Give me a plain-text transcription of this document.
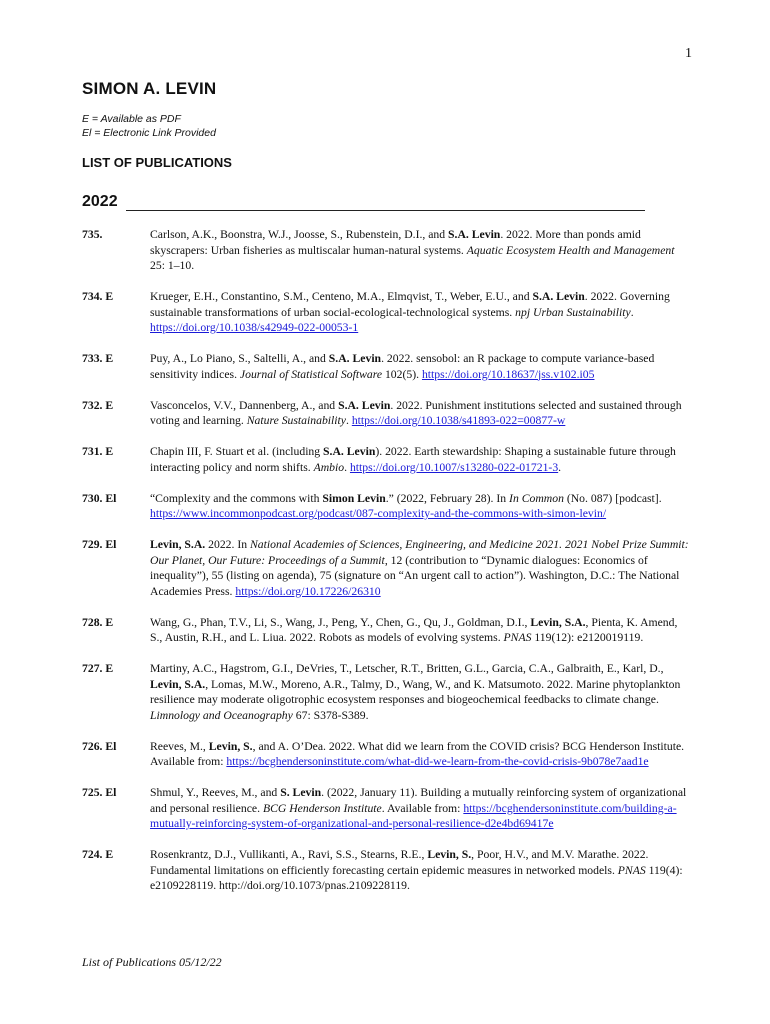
1
SIMON A. LEVIN
E = Available as PDF
El = Electronic Link Provided
LIST OF PUBLICATIONS
2022
735.	Carlson, A.K., Boonstra, W.J., Joosse, S., Rubenstein, D.I., and S.A. Levin. 2022. More than ponds amid skyscrapers: Urban fisheries as multiscalar human-natural systems. Aquatic Ecosystem Health and Management 25: 1–10.
734. E	Krueger, E.H., Constantino, S.M., Centeno, M.A., Elmqvist, T., Weber, E.U., and S.A. Levin. 2022. Governing sustainable transformations of urban social-ecological-technological systems. npj Urban Sustainability. https://doi.org/10.1038/s42949-022-00053-1
733. E	Puy, A., Lo Piano, S., Saltelli, A., and S.A. Levin. 2022. sensobol: an R package to compute variance-based sensitivity indices. Journal of Statistical Software 102(5). https://doi.org/10.18637/jss.v102.i05
732. E	Vasconcelos, V.V., Dannenberg, A., and S.A. Levin. 2022. Punishment institutions selected and sustained through voting and learning. Nature Sustainability. https://doi.org/10.1038/s41893-022=00877-w
731. E	Chapin III, F. Stuart et al. (including S.A. Levin). 2022. Earth stewardship: Shaping a sustainable future through interacting policy and norm shifts. Ambio. https://doi.org/10.1007/s13280-022-01721-3.
730. El	“Complexity and the commons with Simon Levin.” (2022, February 28). In In Common (No. 087) [podcast]. https://www.incommonpodcast.org/podcast/087-complexity-and-the-commons-with-simon-levin/
729. El	Levin, S.A. 2022. In National Academies of Sciences, Engineering, and Medicine 2021. 2021 Nobel Prize Summit: Our Planet, Our Future: Proceedings of a Summit, 12 (contribution to “Dynamic dialogues: Economics of inequality”), 55 (listing on agenda), 75 (signature on “An urgent call to action”). Washington, D.C.: The National Academies Press. https://doi.org/10.17226/26310
728. E	Wang, G., Phan, T.V., Li, S., Wang, J., Peng, Y., Chen, G., Qu, J., Goldman, D.I., Levin, S.A., Pienta, K. Amend, S., Austin, R.H., and L. Liua. 2022. Robots as models of evolving systems. PNAS 119(12): e2120019119.
727. E	Martiny, A.C., Hagstrom, G.I., DeVries, T., Letscher, R.T., Britten, G.L., Garcia, C.A., Galbraith, E., Karl, D., Levin, S.A., Lomas, M.W., Moreno, A.R., Talmy, D., Wang, W., and K. Matsumoto. 2022. Marine phytoplankton resilience may moderate oligotrophic ecosystem responses and biogeochemical feedbacks to climate change. Limnology and Oceanography 67: S378-S389.
726. El	Reeves, M., Levin, S., and A. O’Dea. 2022. What did we learn from the COVID crisis? BCG Henderson Institute. Available from: https://bcghendersoninstitute.com/what-did-we-learn-from-the-covid-crisis-9b078e7aad1e
725. El	Shmul, Y., Reeves, M., and S. Levin. (2022, January 11). Building a mutually reinforcing system of organizational and personal resilience. BCG Henderson Institute. Available from: https://bcghendersoninstitute.com/building-a-mutually-reinforcing-system-of-organizational-and-personal-resilience-d2e4bd69417e
724. E	Rosenkrantz, D.J., Vullikanti, A., Ravi, S.S., Stearns, R.E., Levin, S., Poor, H.V., and M.V. Marathe. 2022. Fundamental limitations on efficiently forecasting certain epidemic measures in networked models. PNAS 119(4): e2109228119. http://doi.org/10.1073/pnas.2109228119.
List of Publications 05/12/22
